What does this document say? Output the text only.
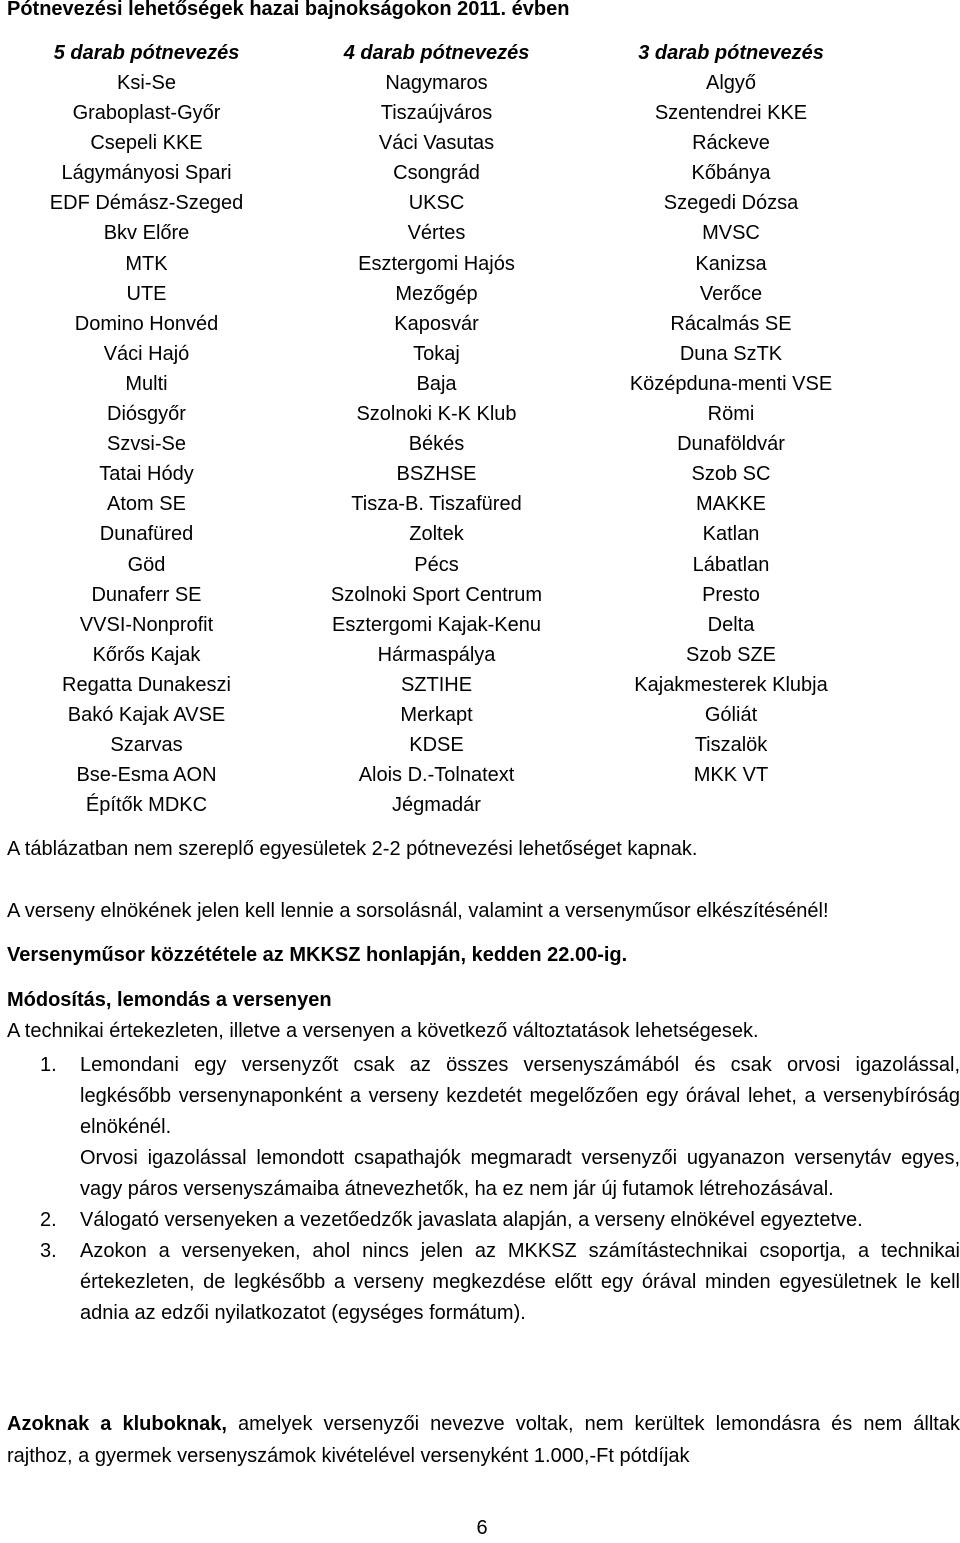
Pótnevezési lehetőségek hazai bajnokságokon 2011. évben
5 darab pótnevezés
Ksi-Se
Graboplast-Győr
Csepeli KKE
Lágymányosi Spari
EDF Démász-Szeged
Bkv Előre
MTK
UTE
Domino Honvéd
Váci Hajó
Multi
Diósgyőr
Szvsi-Se
Tatai Hódy
Atom SE
Dunafüred
Göd
Dunaferr SE
VVSI-Nonprofit
Kőrős Kajak
Regatta Dunakeszi
Bakó Kajak AVSE
Szarvas
Bse-Esma AON
Építők MDKC
4 darab pótnevezés
Nagymaros
Tiszaújváros
Váci Vasutas
Csongrád
UKSC
Vértes
Esztergomi Hajós
Mezőgép
Kaposvár
Tokaj
Baja
Szolnoki K-K Klub
Békés
BSZHSE
Tisza-B. Tiszafüred
Zoltek
Pécs
Szolnoki Sport Centrum
Esztergomi Kajak-Kenu
Hármaspálya
SZTIHE
Merkapt
KDSE
Alois D.-Tolnatext
Jégmadár
3 darab pótnevezés
Algyő
Szentendrei KKE
Ráckeve
Kőbánya
Szegedi Dózsa
MVSC
Kanizsa
Verőce
Rácalmás SE
Duna SzTK
Középduna-menti VSE
Römi
Dunaföldvár
Szob SC
MAKKE
Katlan
Lábatlan
Presto
Delta
Szob SZE
Kajakmesterek Klubja
Góliát
Tiszalök
MKK VT

A táblázatban nem szereplő egyesületek 2-2 pótnevezési lehetőséget kapnak.

A verseny elnökének jelen kell lennie a sorsolásnál, valamint a versenyműsor elkészítésénél!

Versenyműsor közzététele az MKKSZ honlapján, kedden 22.00-ig.

Módosítás, lemondás a versenyen

A technikai értekezleten, illetve a versenyen a következő változtatások lehetségesek.

1. Lemondani egy versenyzőt csak az összes versenyszámából és csak orvosi igazolással, legkésőbb versenynaponként a verseny kezdetét megelőzően egy órával lehet, a versenybíróság elnökénél.
Orvosi igazolással lemondott csapathajók megmaradt versenyzői ugyanazon versenytáv egyes, vagy páros versenyszámaiba átnevezhetők, ha ez nem jár új futamok létrehozásával.
2. Válogató versenyeken a vezetőedzők javaslata alapján, a verseny elnökével egyeztetve.
3. Azokon a versenyeken, ahol nincs jelen az MKKSZ számítástechnikai csoportja, a technikai értekezleten, de legkésőbb a verseny megkezdése előtt egy órával minden egyesületnek le kell adnia az edzői nyilatkozatot (egységes formátum).

Azoknak a kluboknak, amelyek versenyzői nevezve voltak, nem kerültek lemondásra és nem álltak rajthoz, a gyermek versenyszámok kivételével versenyként 1.000,-Ft pótdíjak

6
